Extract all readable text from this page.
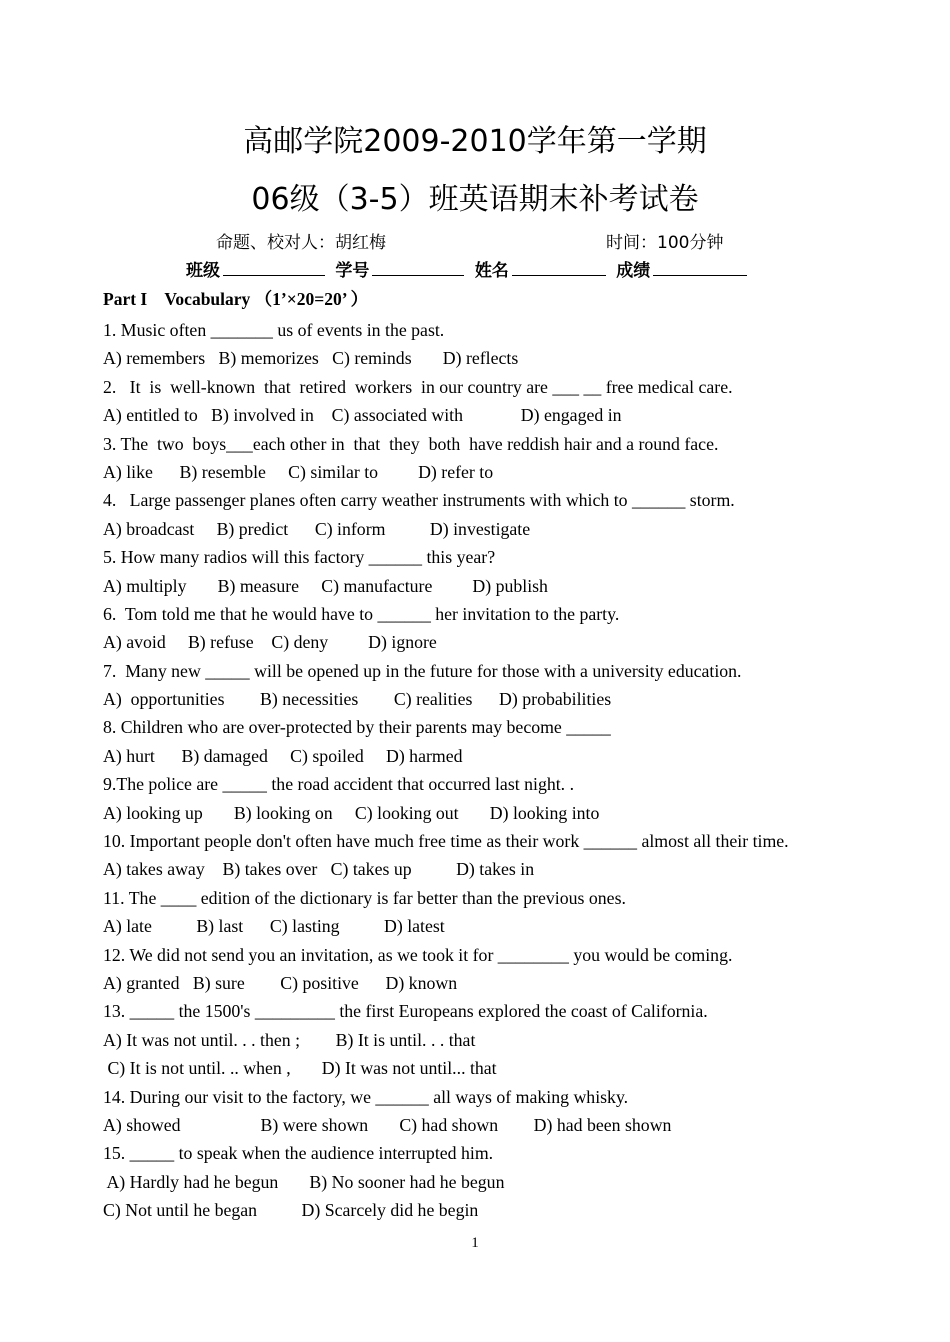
高邮学院2009-2010学年第一学期
06级（3-5）班英语期末补考试卷
命题、校对人：胡红梅	时间：100分钟
班级	学号	姓名	成绩
Part I    Vocabulary （1’×20=20’ ）
1. Music often _______ us of events in the past.
A) remembers   B) memorizes   C) reminds       D) reflects
2.   It  is  well-known  that  retired  workers  in our country are ___ __ free medical care.
A) entitled to   B) involved in    C) associated with             D) engaged in
3. The  two  boys___each other in  that  they  both  have reddish hair and a round face.
A) like      B) resemble     C) similar to         D) refer to
4.   Large passenger planes often carry weather instruments with which to ______ storm.
A) broadcast     B) predict      C) inform          D) investigate
5. How many radios will this factory ______ this year?
A) multiply       B) measure     C) manufacture         D) publish
6.  Tom told me that he would have to ______ her invitation to the party.
A) avoid     B) refuse    C) deny         D) ignore
7.  Many new _____ will be opened up in the future for those with a university education.
A)  opportunities        B) necessities        C) realities      D) probabilities
8. Children who are over-protected by their parents may become _____
A) hurt      B) damaged     C) spoiled     D) harmed
9.The police are _____ the road accident that occurred last night. .
A) looking up       B) looking on     C) looking out       D) looking into
10. Important people don't often have much free time as their work ______ almost all their time.
A) takes away    B) takes over   C) takes up          D) takes in
11. The ____ edition of the dictionary is far better than the previous ones.
A) late          B) last      C) lasting          D) latest
12. We did not send you an invitation, as we took it for ________ you would be coming.
A) granted   B) sure        C) positive      D) known
13. _____ the 1500's _________ the first Europeans explored the coast of California.
A) It was not until. . . then ;        B) It is until. . . that
C) It is not until. .. when ,       D) It was not until... that
14. During our visit to the factory, we ______ all ways of making whisky.
A) showed                  B) were shown       C) had shown        D) had been shown
15. _____ to speak when the audience interrupted him.
A) Hardly had he begun       B) No sooner had he begun
C) Not until he began          D) Scarcely did he begin
1
